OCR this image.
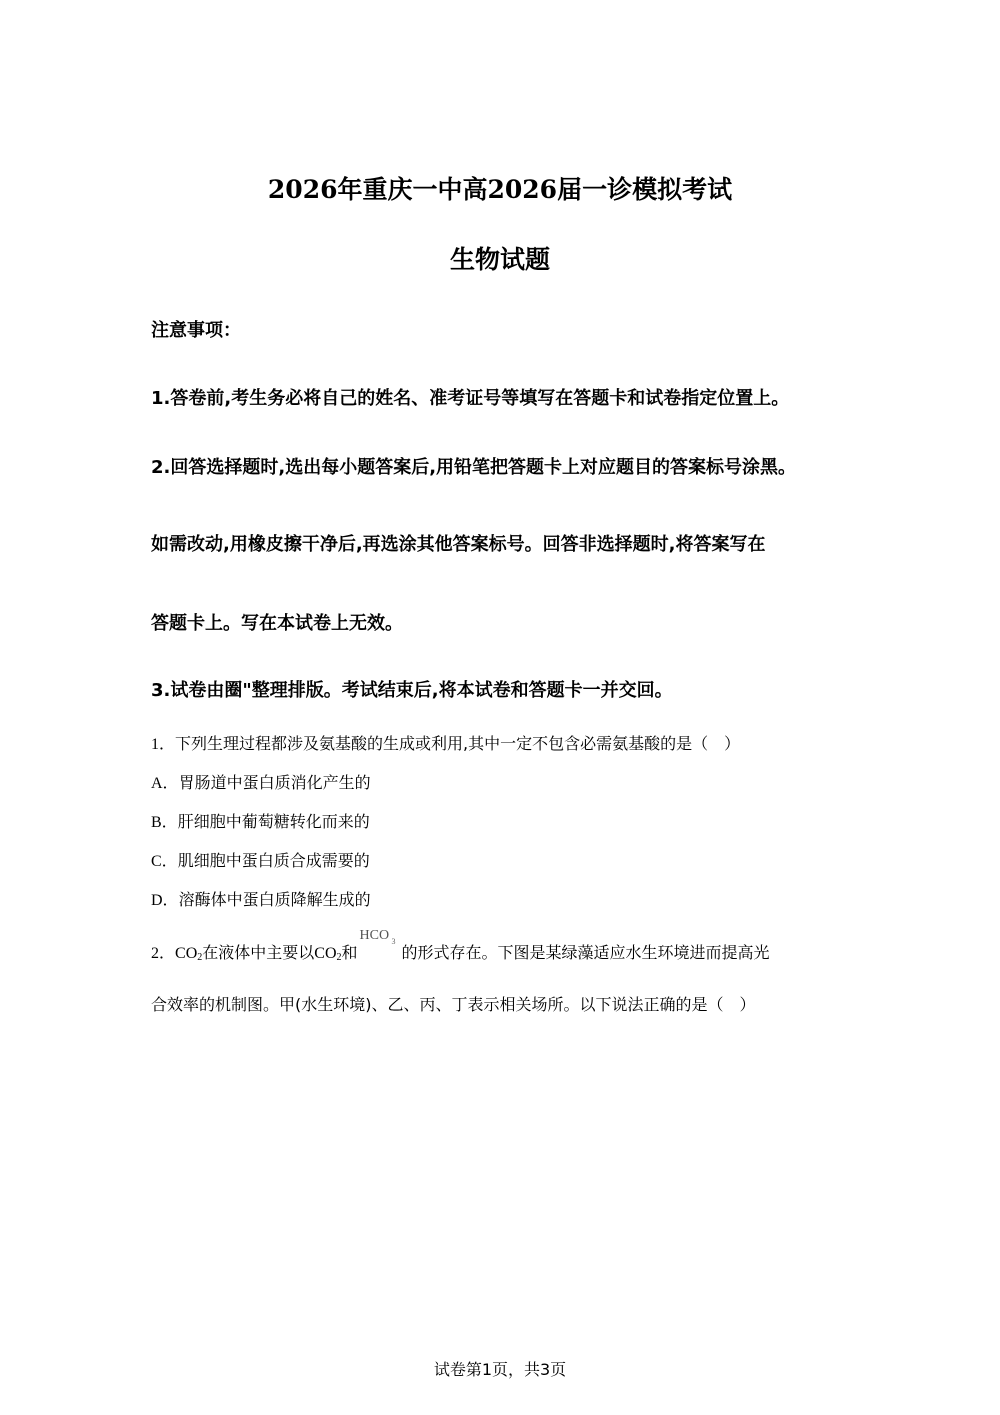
2026年重庆一中高2026届一诊模拟考试
生物试题
注意事项：
1.答卷前,考生务必将自己的姓名、准考证号等填写在答题卡和试卷指定位置上。
2.回答选择题时,选出每小题答案后,用铅笔把答题卡上对应题目的答案标号涂黑。
如需改动,用橡皮擦干净后,再选涂其他答案标号。回答非选择题时,将答案写在
答题卡上。写在本试卷上无效。
3.试卷由圈"整理排版。考试结束后,将本试卷和答题卡一并交回。
1．下列生理过程都涉及氨基酸的生成或利用,其中一定不包含必需氨基酸的是（　）
A．胃肠道中蛋白质消化产生的
B．肝细胞中葡萄糖转化而来的
C．肌细胞中蛋白质合成需要的
D．溶酶体中蛋白质降解生成的
2．$CO_2$在液体中主要以$CO_2$和
HCO 3
的形式存在。下图是某绿藻适应水生环境进而提高光
合效率的机制图。甲(水生环境)、乙、丙、丁表示相关场所。以下说法正确的是（　）
试卷第1页，共3页
